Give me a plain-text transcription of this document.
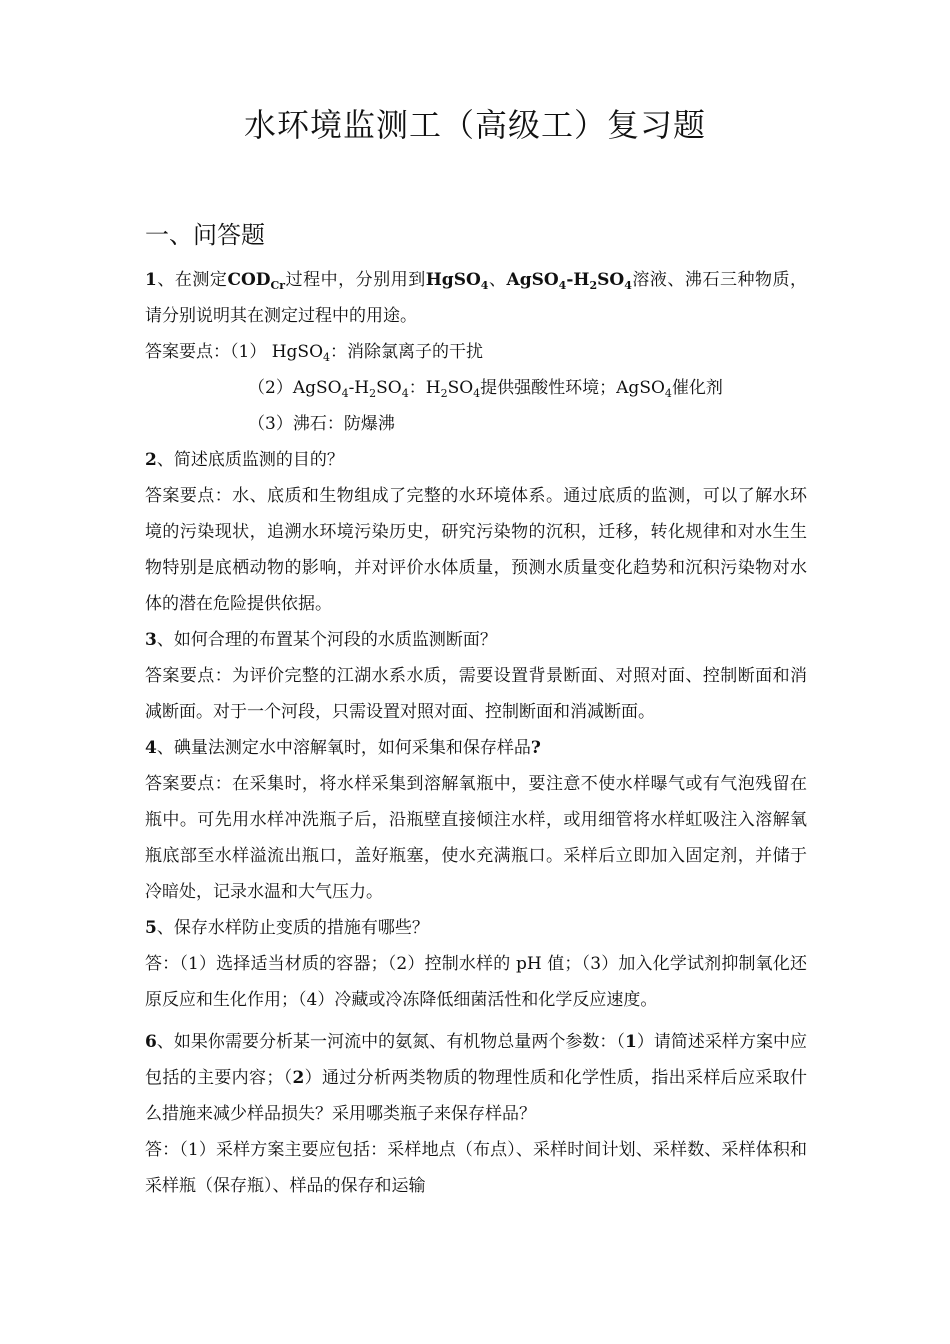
水环境监测工（高级工）复习题
一、问答题

1、在测定$COD_{Cr}$过程中，分别用到HgSO$_4$、$AgSO_4-H_2SO_4$溶液、沸石三种物质，请分别说明其在测定过程中的用途。

答案要点：（1） HgSO$_4$：消除氯离子的干扰

$(2)AgSO_4-H_2SO_4$：$H_2SO_4$提供强酸性环境；AgSO$_4$催化剂

（3）沸石：防爆沸

2、简述底质监测的目的？

答案要点：水、底质和生物组成了完整的水环境体系。通过底质的监测，可以了解水环境的污染现状，追溯水环境污染历史，研究污染物的沉积，迁移，转化规律和对水生生物特别是底栖动物的影响，并对评价水体质量，预测水质量变化趋势和沉积污染物对水体的潜在危险提供依据。

3、如何合理的布置某个河段的水质监测断面？

答案要点：为评价完整的江湖水系水质，需要设置背景断面、对照对面、控制断面和消减断面。对于一个河段，只需设置对照对面、控制断面和消减断面。

4、碘量法测定水中溶解氧时，如何采集和保存样品?

答案要点：在采集时，将水样采集到溶解氧瓶中，要注意不使水样曝气或有气泡残留在瓶中。可先用水样冲洗瓶子后，沿瓶壁直接倾注水样，或用细管将水样虹吸注入溶解氧瓶底部至水样溢流出瓶口，盖好瓶塞，使水充满瓶口。采样后立即加入固定剂，并储于冷暗处，记录水温和大气压力。

5、保存水样防止变质的措施有哪些？

答：（1）选择适当材质的容器；（2）控制水样的 pH 值；（3）加入化学试剂抑制氧化还原反应和生化作用；（4）冷藏或冷冻降低细菌活性和化学反应速度。

6、如果你需要分析某一河流中的氨氮、有机物总量两个参数：（1）请简述采样方案中应包括的主要内容；（2）通过分析两类物质的物理性质和化学性质，指出采样后应采取什么措施来减少样品损失？采用哪类瓶子来保存样品？

答：（1）采样方案主要应包括：采样地点（布点）、采样时间计划、采样数、采样体积和采样瓶（保存瓶）、样品的保存和运输
